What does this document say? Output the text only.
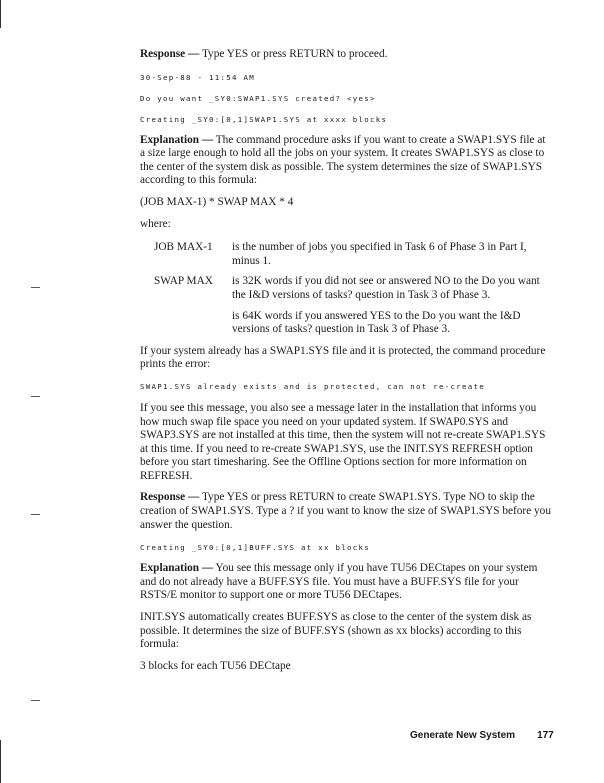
Response — Type YES or press RETURN to proceed.

30-Sep-88 - 11:54 AM
Do you want _SY0:SWAP1.SYS created? <yes>
Creating _SY0:[0,1]SWAP1.SYS at xxxx blocks

Explanation — The command procedure asks if you want to create a SWAP1.SYS file at a size large enough to hold all the jobs on your system. It creates SWAP1.SYS as close to the center of the system disk as possible. The system determines the size of SWAP1.SYS according to this formula:

(JOB MAX-1) * SWAP MAX * 4

where:

JOB MAX-1	is the number of jobs you specified in Task 6 of Phase 3 in Part I, minus 1.
SWAP MAX	is 32K words if you did not see or answered NO to the Do you want the I&D versions of tasks? question in Task 3 of Phase 3.
is 64K words if you answered YES to the Do you want the I&D versions of tasks? question in Task 3 of Phase 3.

If your system already has a SWAP1.SYS file and it is protected, the command procedure prints the error:

SWAP1.SYS already exists and is protected, can not re-create

If you see this message, you also see a message later in the installation that informs you how much swap file space you need on your updated system. If SWAP0.SYS and SWAP3.SYS are not installed at this time, then the system will not re-create SWAP1.SYS at this time. If you need to re-create SWAP1.SYS, use the INIT.SYS REFRESH option before you start timesharing. See the Offline Options section for more information on REFRESH.

Response — Type YES or press RETURN to create SWAP1.SYS. Type NO to skip the creation of SWAP1.SYS. Type a ? if you want to know the size of SWAP1.SYS before you answer the question.

Creating _SY0:[0,1]BUFF.SYS at xx blocks

Explanation — You see this message only if you have TU56 DECtapes on your system and do not already have a BUFF.SYS file. You must have a BUFF.SYS file for your RSTS/E monitor to support one or more TU56 DECtapes.

INIT.SYS automatically creates BUFF.SYS as close to the center of the system disk as possible. It determines the size of BUFF.SYS (shown as xx blocks) according to this formula:

3 blocks for each TU56 DECtape

Generate New System 177
